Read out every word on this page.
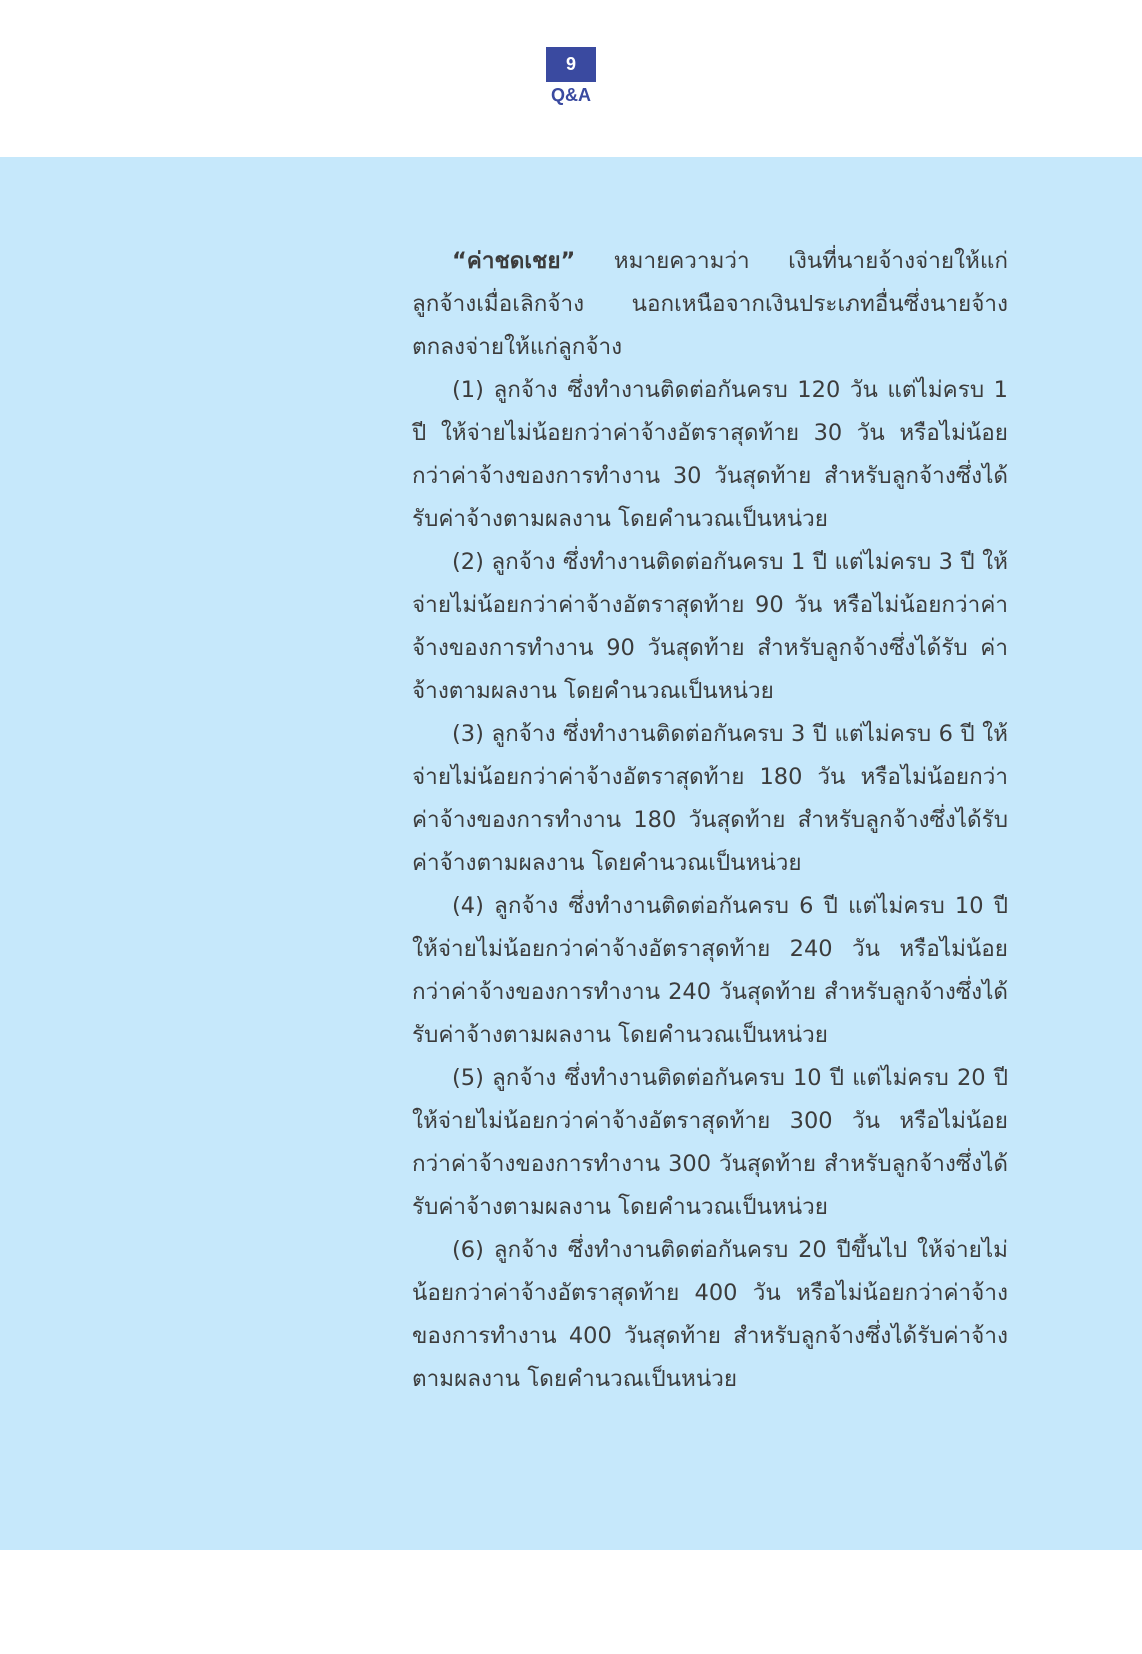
9
Q&A

“ค่าชดเชย” หมายความว่า เงินที่นายจ้างจ่ายให้แก่ลูกจ้างเมื่อเลิกจ้าง นอกเหนือจากเงินประเภทอื่นซึ่งนายจ้างตกลงจ่ายให้แก่ลูกจ้าง

(1) ลูกจ้าง ซึ่งทำงานติดต่อกันครบ 120 วัน แต่ไม่ครบ 1 ปี ให้จ่ายไม่น้อยกว่าค่าจ้างอัตราสุดท้าย 30 วัน หรือไม่น้อยกว่าค่าจ้างของการทำงาน 30 วันสุดท้าย สำหรับลูกจ้างซึ่งได้รับค่าจ้างตามผลงาน โดยคำนวณเป็นหน่วย

(2) ลูกจ้าง ซึ่งทำงานติดต่อกันครบ 1 ปี แต่ไม่ครบ 3 ปี ให้จ่ายไม่น้อยกว่าค่าจ้างอัตราสุดท้าย 90 วัน หรือไม่น้อยกว่าค่าจ้างของการทำงาน 90 วันสุดท้าย สำหรับลูกจ้างซึ่งได้รับ ค่าจ้างตามผลงาน โดยคำนวณเป็นหน่วย

(3) ลูกจ้าง ซึ่งทำงานติดต่อกันครบ 3 ปี แต่ไม่ครบ 6 ปี ให้จ่ายไม่น้อยกว่าค่าจ้างอัตราสุดท้าย 180 วัน หรือไม่น้อยกว่าค่าจ้างของการทำงาน 180 วันสุดท้าย สำหรับลูกจ้างซึ่งได้รับค่าจ้างตามผลงาน โดยคำนวณเป็นหน่วย

(4) ลูกจ้าง ซึ่งทำงานติดต่อกันครบ 6 ปี แต่ไม่ครบ 10 ปี ให้จ่ายไม่น้อยกว่าค่าจ้างอัตราสุดท้าย 240 วัน หรือไม่น้อยกว่าค่าจ้างของการทำงาน 240 วันสุดท้าย สำหรับลูกจ้างซึ่งได้รับค่าจ้างตามผลงาน โดยคำนวณเป็นหน่วย

(5) ลูกจ้าง ซึ่งทำงานติดต่อกันครบ 10 ปี แต่ไม่ครบ 20 ปี ให้จ่ายไม่น้อยกว่าค่าจ้างอัตราสุดท้าย 300 วัน หรือไม่น้อยกว่าค่าจ้างของการทำงาน 300 วันสุดท้าย สำหรับลูกจ้างซึ่งได้รับค่าจ้างตามผลงาน โดยคำนวณเป็นหน่วย

(6) ลูกจ้าง ซึ่งทำงานติดต่อกันครบ 20 ปีขึ้นไป ให้จ่ายไม่น้อยกว่าค่าจ้างอัตราสุดท้าย 400 วัน หรือไม่น้อยกว่าค่าจ้างของการทำงาน 400 วันสุดท้าย สำหรับลูกจ้างซึ่งได้รับค่าจ้างตามผลงาน โดยคำนวณเป็นหน่วย
